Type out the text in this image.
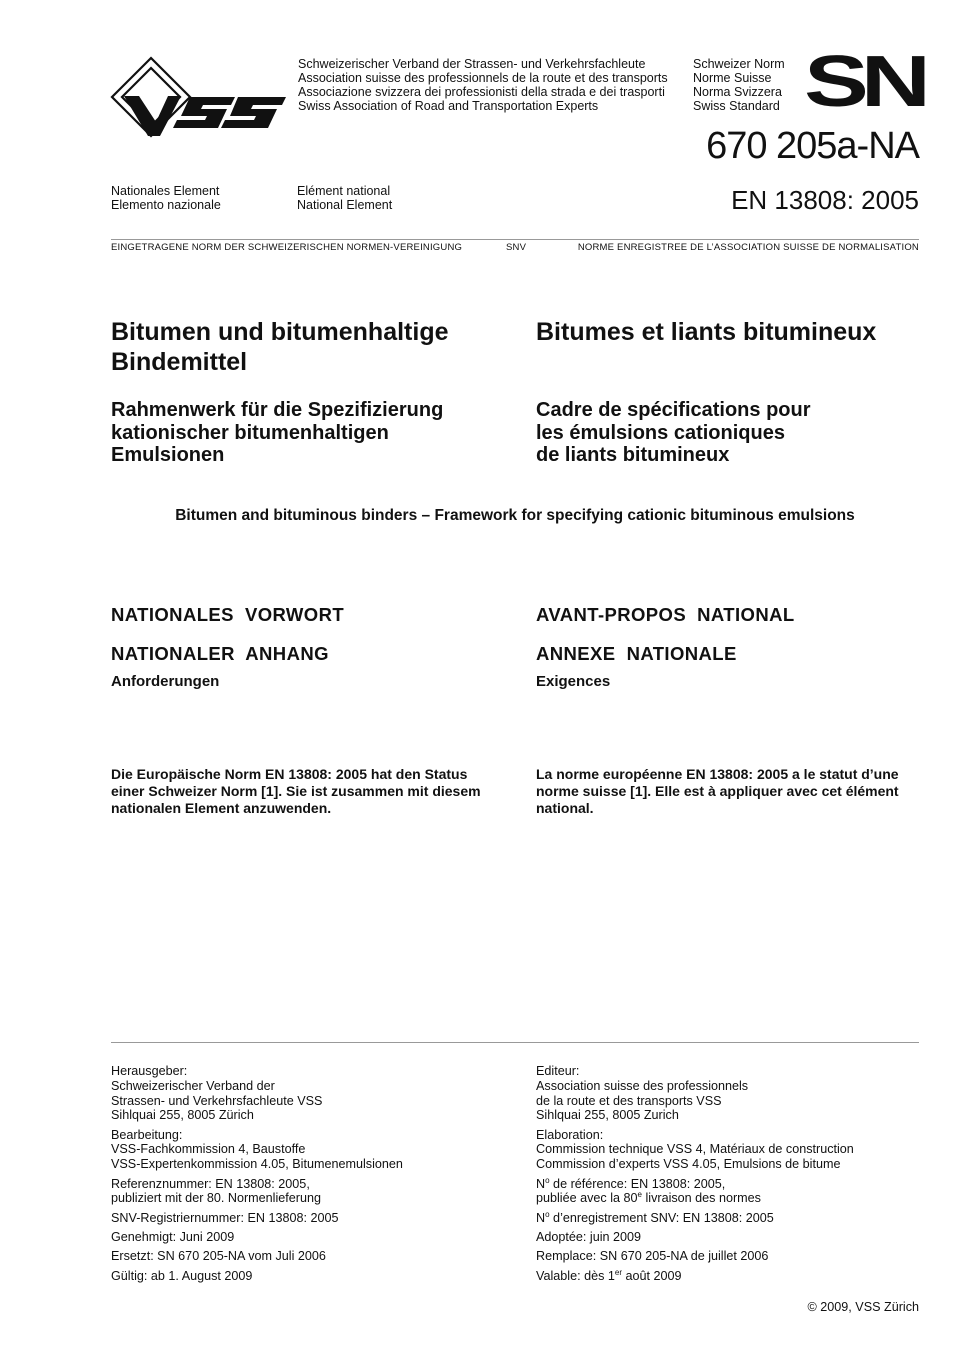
Schweizerischer Verband der Strassen- und Verkehrsfachleute
Association suisse des professionnels de la route et des transports
Associazione svizzera dei professionisti della strada e dei trasporti
Swiss Association of Road and Transportation Experts
Schweizer Norm
Norme Suisse
Norma Svizzera
Swiss Standard SN
670 205a-NA
EN 13808: 2005
Nationales Element
Elemento nazionale
Elément national
National Element
EINGETRAGENE NORM DER SCHWEIZERISCHEN NORMEN-VEREINIGUNG	SNV	NORME ENREGISTREE DE L’ASSOCIATION SUISSE DE NORMALISATION
Bitumen und bitumenhaltige
Bindemittel
Bitumes et liants bitumineux
Rahmenwerk für die Spezifizierung
kationischer bitumenhaltigen
Emulsionen
Cadre de spécifications pour
les émulsions cationiques
de liants bitumineux
Bitumen and bituminous binders – Framework for specifying cationic bituminous emulsions
NATIONALES  VORWORT	AVANT-PROPOS  NATIONAL
NATIONALER  ANHANG	ANNEXE  NATIONALE
Anforderungen	Exigences
Die Europäische Norm EN 13808: 2005 hat den Status
einer Schweizer Norm [1]. Sie ist zusammen mit diesem
nationalen Element anzuwenden.
La norme européenne EN 13808: 2005 a le statut d’une
norme suisse [1]. Elle est à appliquer avec cet élément
national.
Herausgeber:
Schweizerischer Verband der
Strassen- und Verkehrsfachleute VSS
Sihlquai 255, 8005 Zürich
Bearbeitung:
VSS-Fachkommission 4, Baustoffe
VSS-Expertenkommission 4.05, Bitumenemulsionen
Referenznummer: EN 13808: 2005,
publiziert mit der 80. Normenlieferung
SNV-Registriernummer: EN 13808: 2005
Genehmigt: Juni 2009
Ersetzt: SN 670 205-NA vom Juli 2006
Gültig: ab 1. August 2009
Editeur:
Association suisse des professionnels
de la route et des transports VSS
Sihlquai 255, 8005 Zurich
Elaboration:
Commission technique VSS 4, Matériaux de construction
Commission d’experts VSS 4.05, Emulsions de bitume
$N^o$ de référence: EN 13808: 2005,
publiée avec la 80e livraison des normes
$N^o$ d’enregistrement SNV: EN 13808: 2005
Adoptée: juin 2009
Remplace: SN 670 205-NA de juillet 2006
Valable: dès 1er août 2009
© 2009, VSS Zürich
